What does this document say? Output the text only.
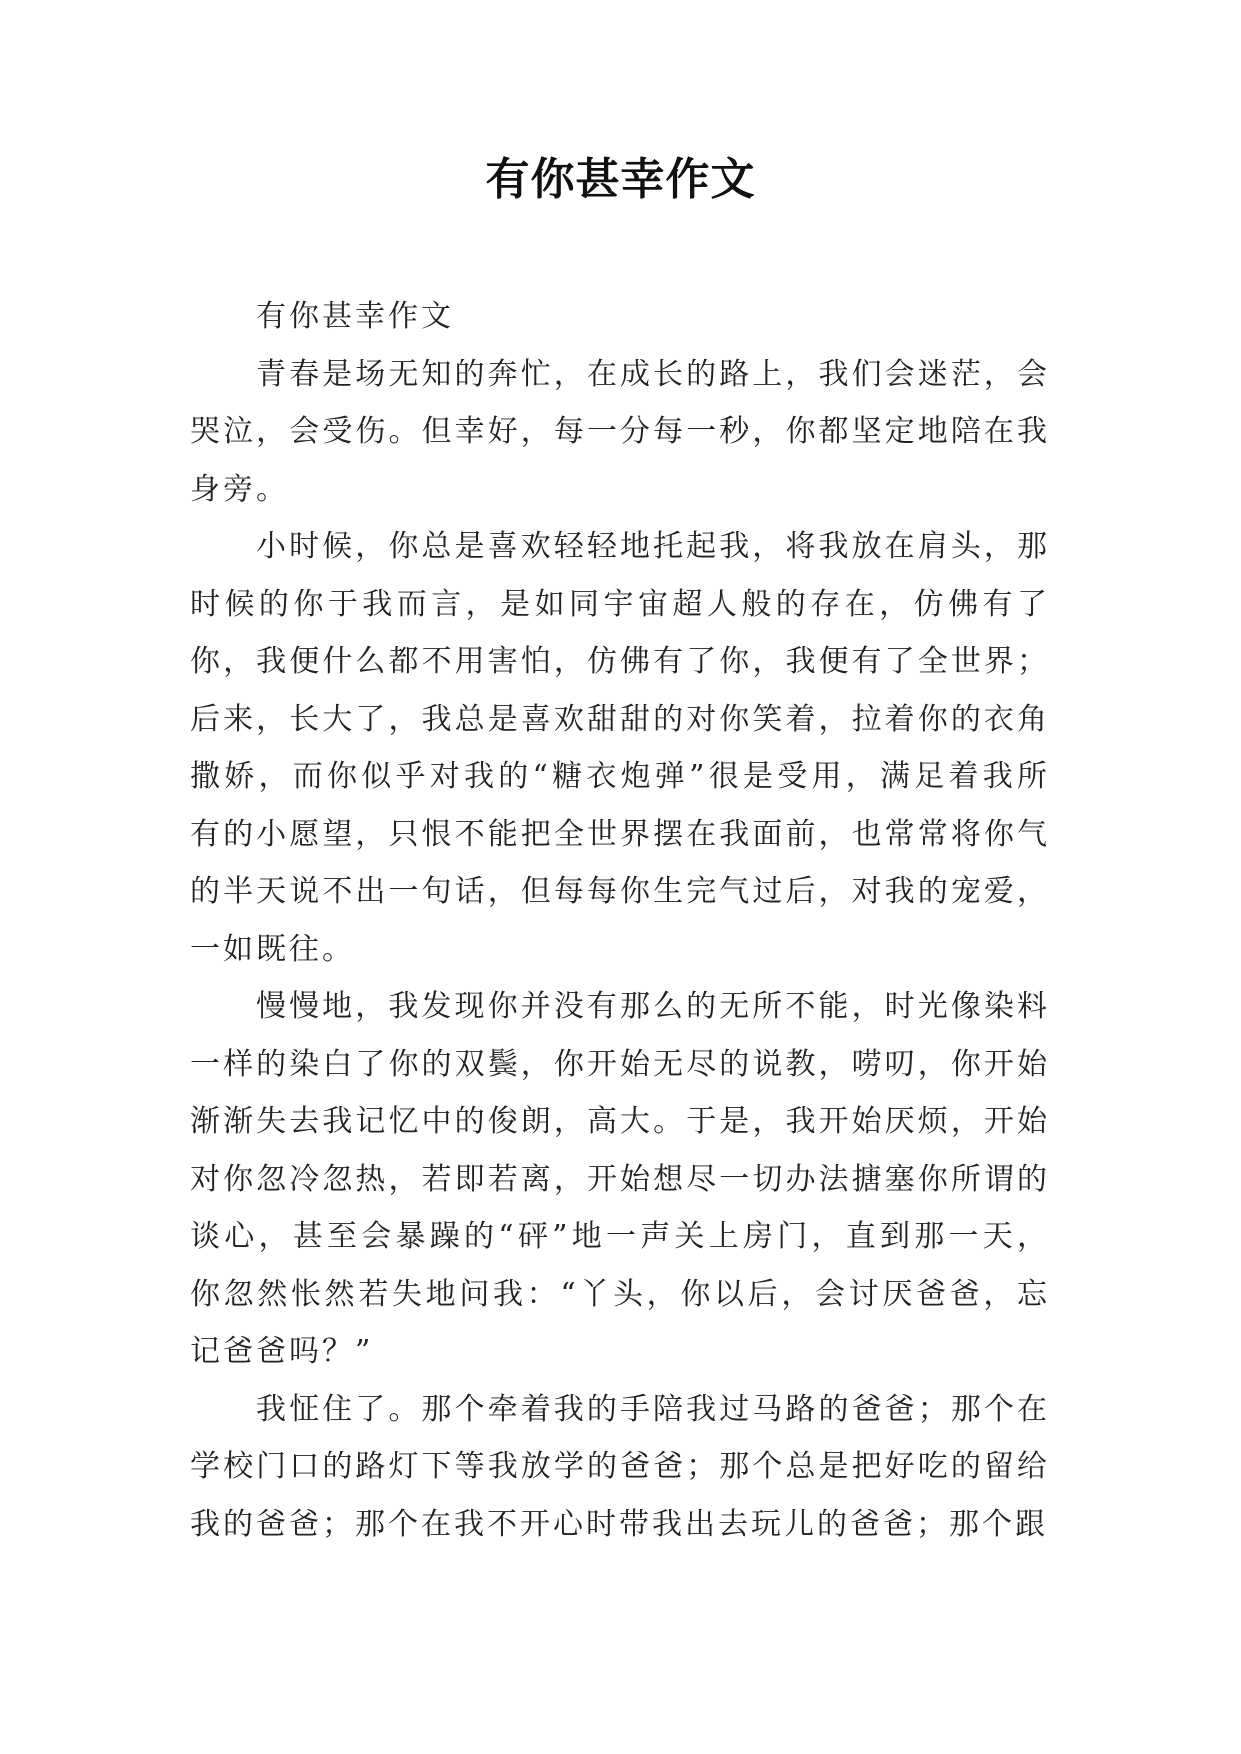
有你甚幸作文

有你甚幸作文

青春是场无知的奔忙，在成长的路上，我们会迷茫，会哭泣，会受伤。但幸好，每一分每一秒，你都坚定地陪在我身旁。

小时候，你总是喜欢轻轻地托起我，将我放在肩头，那时候的你于我而言，是如同宇宙超人般的存在，仿佛有了你，我便什么都不用害怕，仿佛有了你，我便有了全世界；后来，长大了，我总是喜欢甜甜的对你笑着，拉着你的衣角撒娇，而你似乎对我的“糖衣炮弹”很是受用，满足着我所有的小愿望，只恨不能把全世界摆在我面前，也常常将你气的半天说不出一句话，但每每你生完气过后，对我的宠爱，一如既往。

慢慢地，我发现你并没有那么的无所不能，时光像染料一样的染白了你的双鬓，你开始无尽的说教，唠叨，你开始渐渐失去我记忆中的俊朗，高大。于是，我开始厌烦，开始对你忽冷忽热，若即若离，开始想尽一切办法搪塞你所谓的谈心，甚至会暴躁的“砰”地一声关上房门，直到那一天，你忽然怅然若失地问我：“丫头，你以后，会讨厌爸爸，忘记爸爸吗？”

我怔住了。那个牵着我的手陪我过马路的爸爸；那个在学校门口的路灯下等我放学的爸爸；那个总是把好吃的留给我的爸爸；那个在我不开心时带我出去玩儿的爸爸；那个跟
